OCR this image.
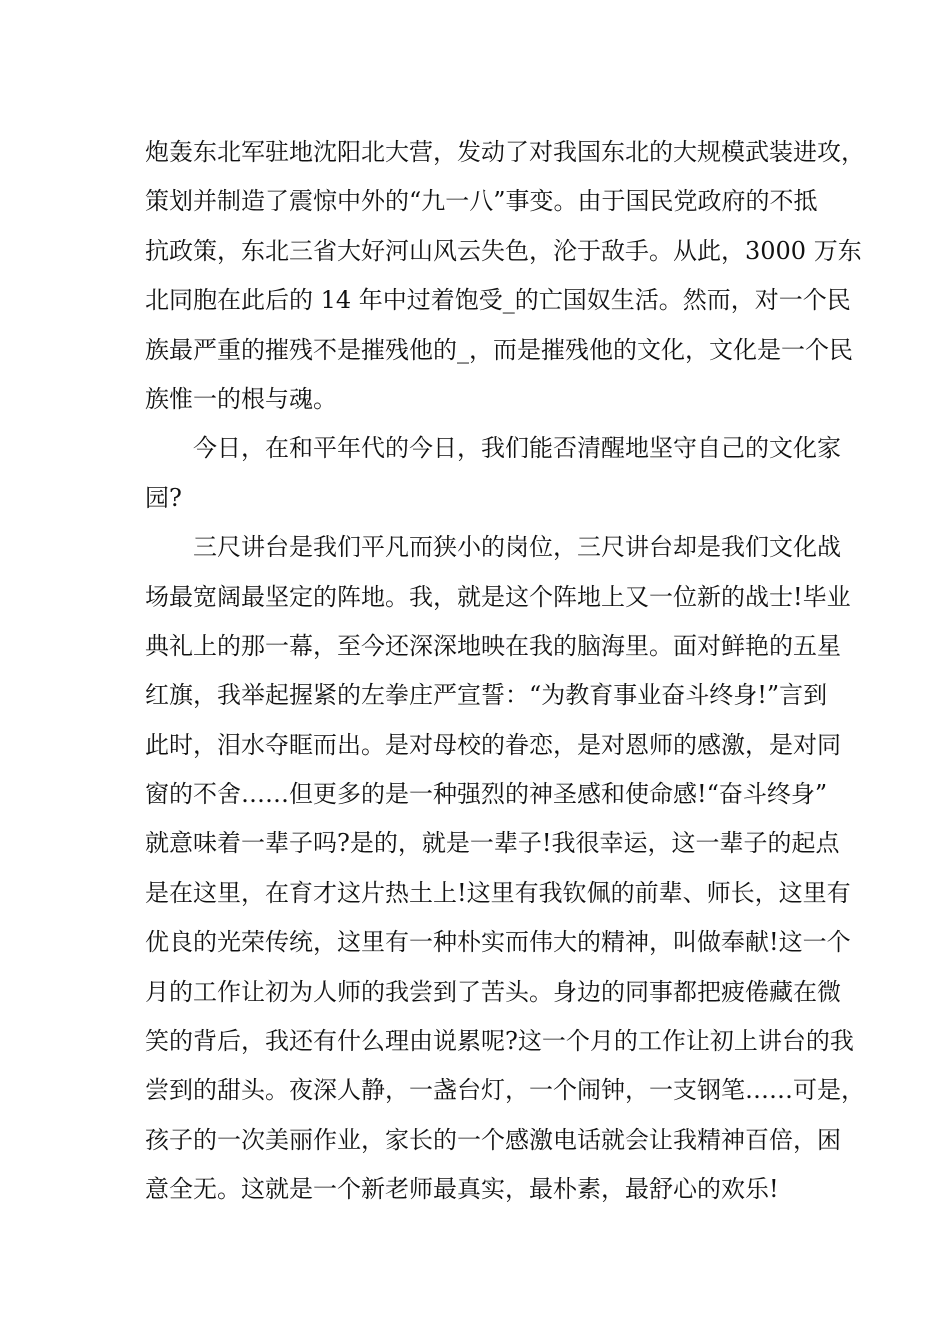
炮轰东北军驻地沈阳北大营，发动了对我国东北的大规模武装进攻，
策划并制造了震惊中外的“九一八”事变。由于国民党政府的不抵
抗政策，东北三省大好河山风云失色，沦于敌手。从此，3000 万东
北同胞在此后的 14 年中过着饱受_的亡国奴生活。然而，对一个民
族最严重的摧残不是摧残他的_，而是摧残他的文化，文化是一个民
族惟一的根与魂。

今日，在和平年代的今日，我们能否清醒地坚守自己的文化家
园?

三尺讲台是我们平凡而狭小的岗位，三尺讲台却是我们文化战
场最宽阔最坚定的阵地。我，就是这个阵地上又一位新的战士!毕业
典礼上的那一幕，至今还深深地映在我的脑海里。面对鲜艳的五星
红旗，我举起握紧的左拳庄严宣誓：“为教育事业奋斗终身!”言到
此时，泪水夺眶而出。是对母校的眷恋，是对恩师的感激，是对同
窗的不舍……但更多的是一种强烈的神圣感和使命感!“奋斗终身”
就意味着一辈子吗?是的，就是一辈子!我很幸运，这一辈子的起点
是在这里，在育才这片热土上!这里有我钦佩的前辈、师长，这里有
优良的光荣传统，这里有一种朴实而伟大的精神，叫做奉献!这一个
月的工作让初为人师的我尝到了苦头。身边的同事都把疲倦藏在微
笑的背后，我还有什么理由说累呢?这一个月的工作让初上讲台的我
尝到的甜头。夜深人静，一盏台灯，一个闹钟，一支钢笔……可是，
孩子的一次美丽作业，家长的一个感激电话就会让我精神百倍，困
意全无。这就是一个新老师最真实，最朴素，最舒心的欢乐!
